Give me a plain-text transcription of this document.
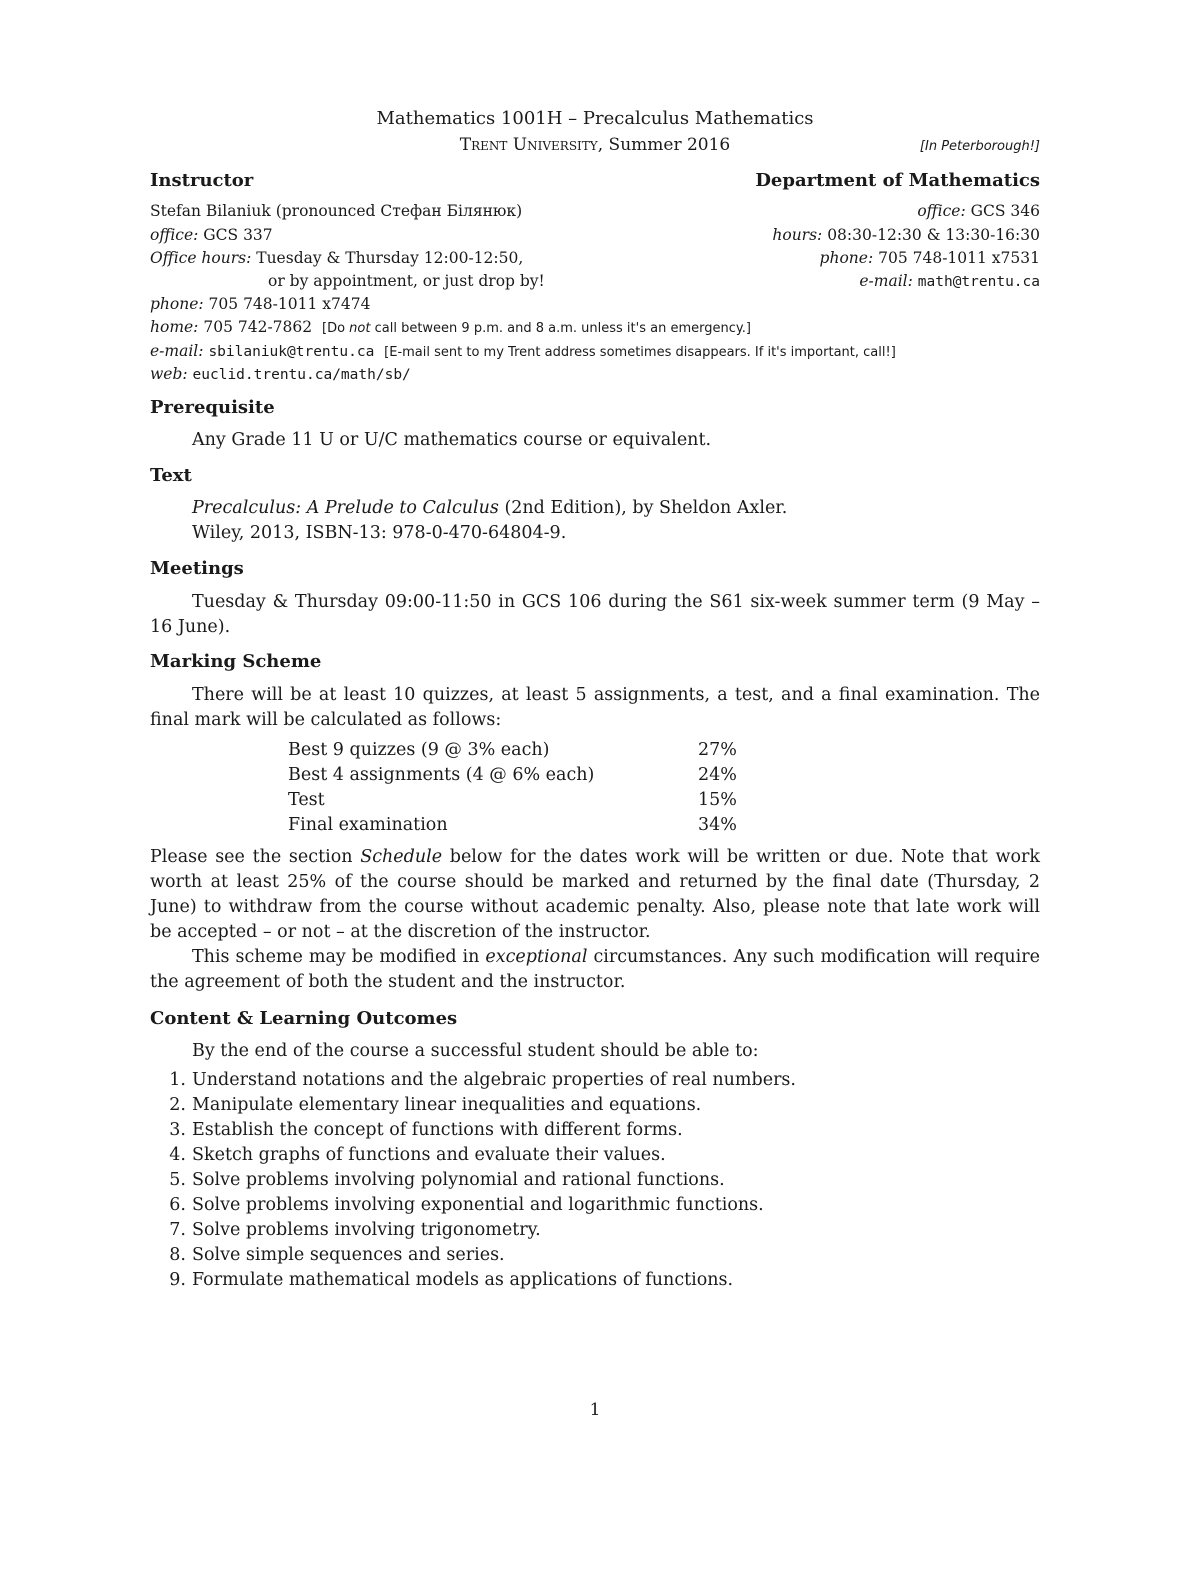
Mathematics 1001H – Precalculus Mathematics
Trent University, Summer 2016	[In Peterborough!]
Instructor	Department of Mathematics
Stefan Bilaniuk (pronounced Стефан Білянюк)	office: GCS 346
office: GCS 337	hours: 08:30-12:30 & 13:30-16:30
Office hours: Tuesday & Thursday 12:00-12:50,	phone: 705 748-1011 x7531
or by appointment, or just drop by!	e-mail: math@trentu.ca
phone: 705 748-1011 x7474
home: 705 742-7862 [Do not call between 9 p.m. and 8 a.m. unless it's an emergency.]
e-mail: sbilaniuk@trentu.ca [E-mail sent to my Trent address sometimes disappears. If it's important, call!]
web: euclid.trentu.ca/math/sb/
Prerequisite
Any Grade 11 U or U/C mathematics course or equivalent.
Text
Precalculus: A Prelude to Calculus (2nd Edition), by Sheldon Axler.
Wiley, 2013, ISBN-13: 978-0-470-64804-9.
Meetings
Tuesday & Thursday 09:00-11:50 in GCS 106 during the S61 six-week summer term (9 May – 16 June).
Marking Scheme
There will be at least 10 quizzes, at least 5 assignments, a test, and a final examination. The final mark will be calculated as follows:
Best 9 quizzes (9 @ 3% each)	27%
Best 4 assignments (4 @ 6% each)	24%
Test	15%
Final examination	34%
Please see the section Schedule below for the dates work will be written or due. Note that work worth at least 25% of the course should be marked and returned by the final date (Thursday, 2 June) to withdraw from the course without academic penalty. Also, please note that late work will be accepted – or not – at the discretion of the instructor.
This scheme may be modified in exceptional circumstances. Any such modification will require the agreement of both the student and the instructor.
Content & Learning Outcomes
By the end of the course a successful student should be able to:
1. Understand notations and the algebraic properties of real numbers.
2. Manipulate elementary linear inequalities and equations.
3. Establish the concept of functions with different forms.
4. Sketch graphs of functions and evaluate their values.
5. Solve problems involving polynomial and rational functions.
6. Solve problems involving exponential and logarithmic functions.
7. Solve problems involving trigonometry.
8. Solve simple sequences and series.
9. Formulate mathematical models as applications of functions.
1
